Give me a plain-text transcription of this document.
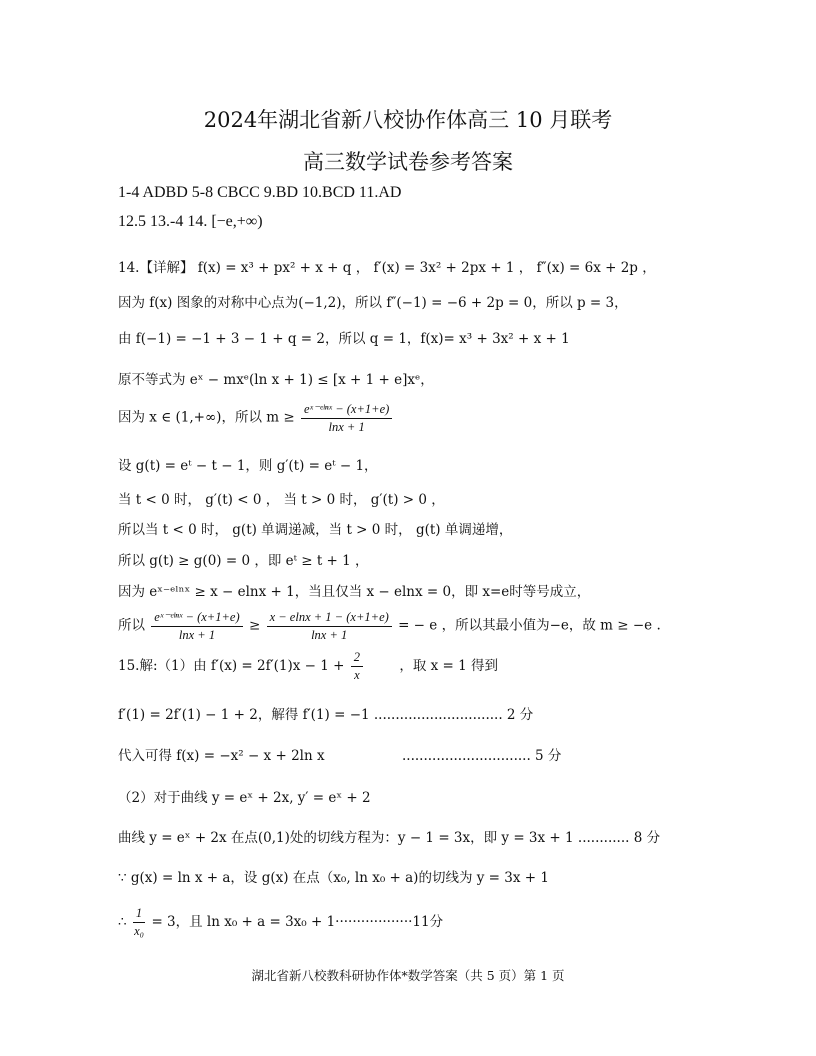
2024年湖北省新八校协作体高三 10 月联考
高三数学试卷参考答案
1-4 ADBD 5-8 CBCC 9.BD 10.BCD 11.AD
12.5 13.-4 14. [−e,+∞)
14.【详解】 f(x) = x³ + px² + x + q ， f′(x) = 3x² + 2px + 1 ， f″(x) = 6x + 2p ，
因为 f(x) 图象的对称中心点为(−1,2)，所以 f″(−1) = −6 + 2p = 0，所以 p = 3，
由 f(−1) = −1 + 3 − 1 + q = 2，所以 q = 1，f(x)= x³ + 3x² + x + 1
原不等式为 eˣ − mxᵉ(ln x + 1) ≤ [x + 1 + e]xᵉ，
因为 x ∈ (1,+∞)，所以 $m \ge \frac{\text{eˣ⁻ᵉˡⁿˣ − (x+1+e)}}{\ln x + 1}$
设 g(t) = eᵗ − t − 1，则 g′(t) = eᵗ − 1，
当 t < 0 时， g′(t) < 0 ， 当 t > 0 时， g′(t) > 0 ，
所以当 t < 0 时， g(t) 单调递减，当 t > 0 时， g(t) 单调递增，
所以 g(t) ≥ g(0) = 0 ，即 eᵗ ≥ t + 1 ，
因为 eˣ⁻ᵉˡⁿˣ ≥ x − elnx + 1，当且仅当 x − elnx = 0，即 x=e时等号成立，
所以 $\frac{\text{eˣ⁻ᵉˡⁿˣ − (x+1+e)}}{\ln x + 1} \ge \frac{x - elnx + 1 - (x+1+e)}{\ln x + 1}$ = − e ，所以其最小值为−e，故 m ≥ −e .
15.解:（1）由 $f'(x) = 2f'(1)x - 1 + \frac{2}{x}$	，取 x = 1 得到
f′(1) = 2f′(1) − 1 + 2，解得 f′(1) = −1 .............................. 2 分
代入可得 f(x) = −x² − x + 2ln x	.............................. 5 分
（2）对于曲线 y = eˣ + 2x, y′ = eˣ + 2
曲线 y = eˣ + 2x 在点(0,1)处的切线方程为：y − 1 = 3x，即 y = 3x + 1 ............ 8 分
∵ g(x) = ln x + a，设 g(x) 在点（x₀, ln x₀ + a)的切线为 y = 3x + 1
∴ $\frac{1}{\text{x₀}} = 3$，且 ln x₀ + a = 3x₀ + 1··················11分
湖北省新八校教科研协作体*数学答案（共 5 页）第 1 页
